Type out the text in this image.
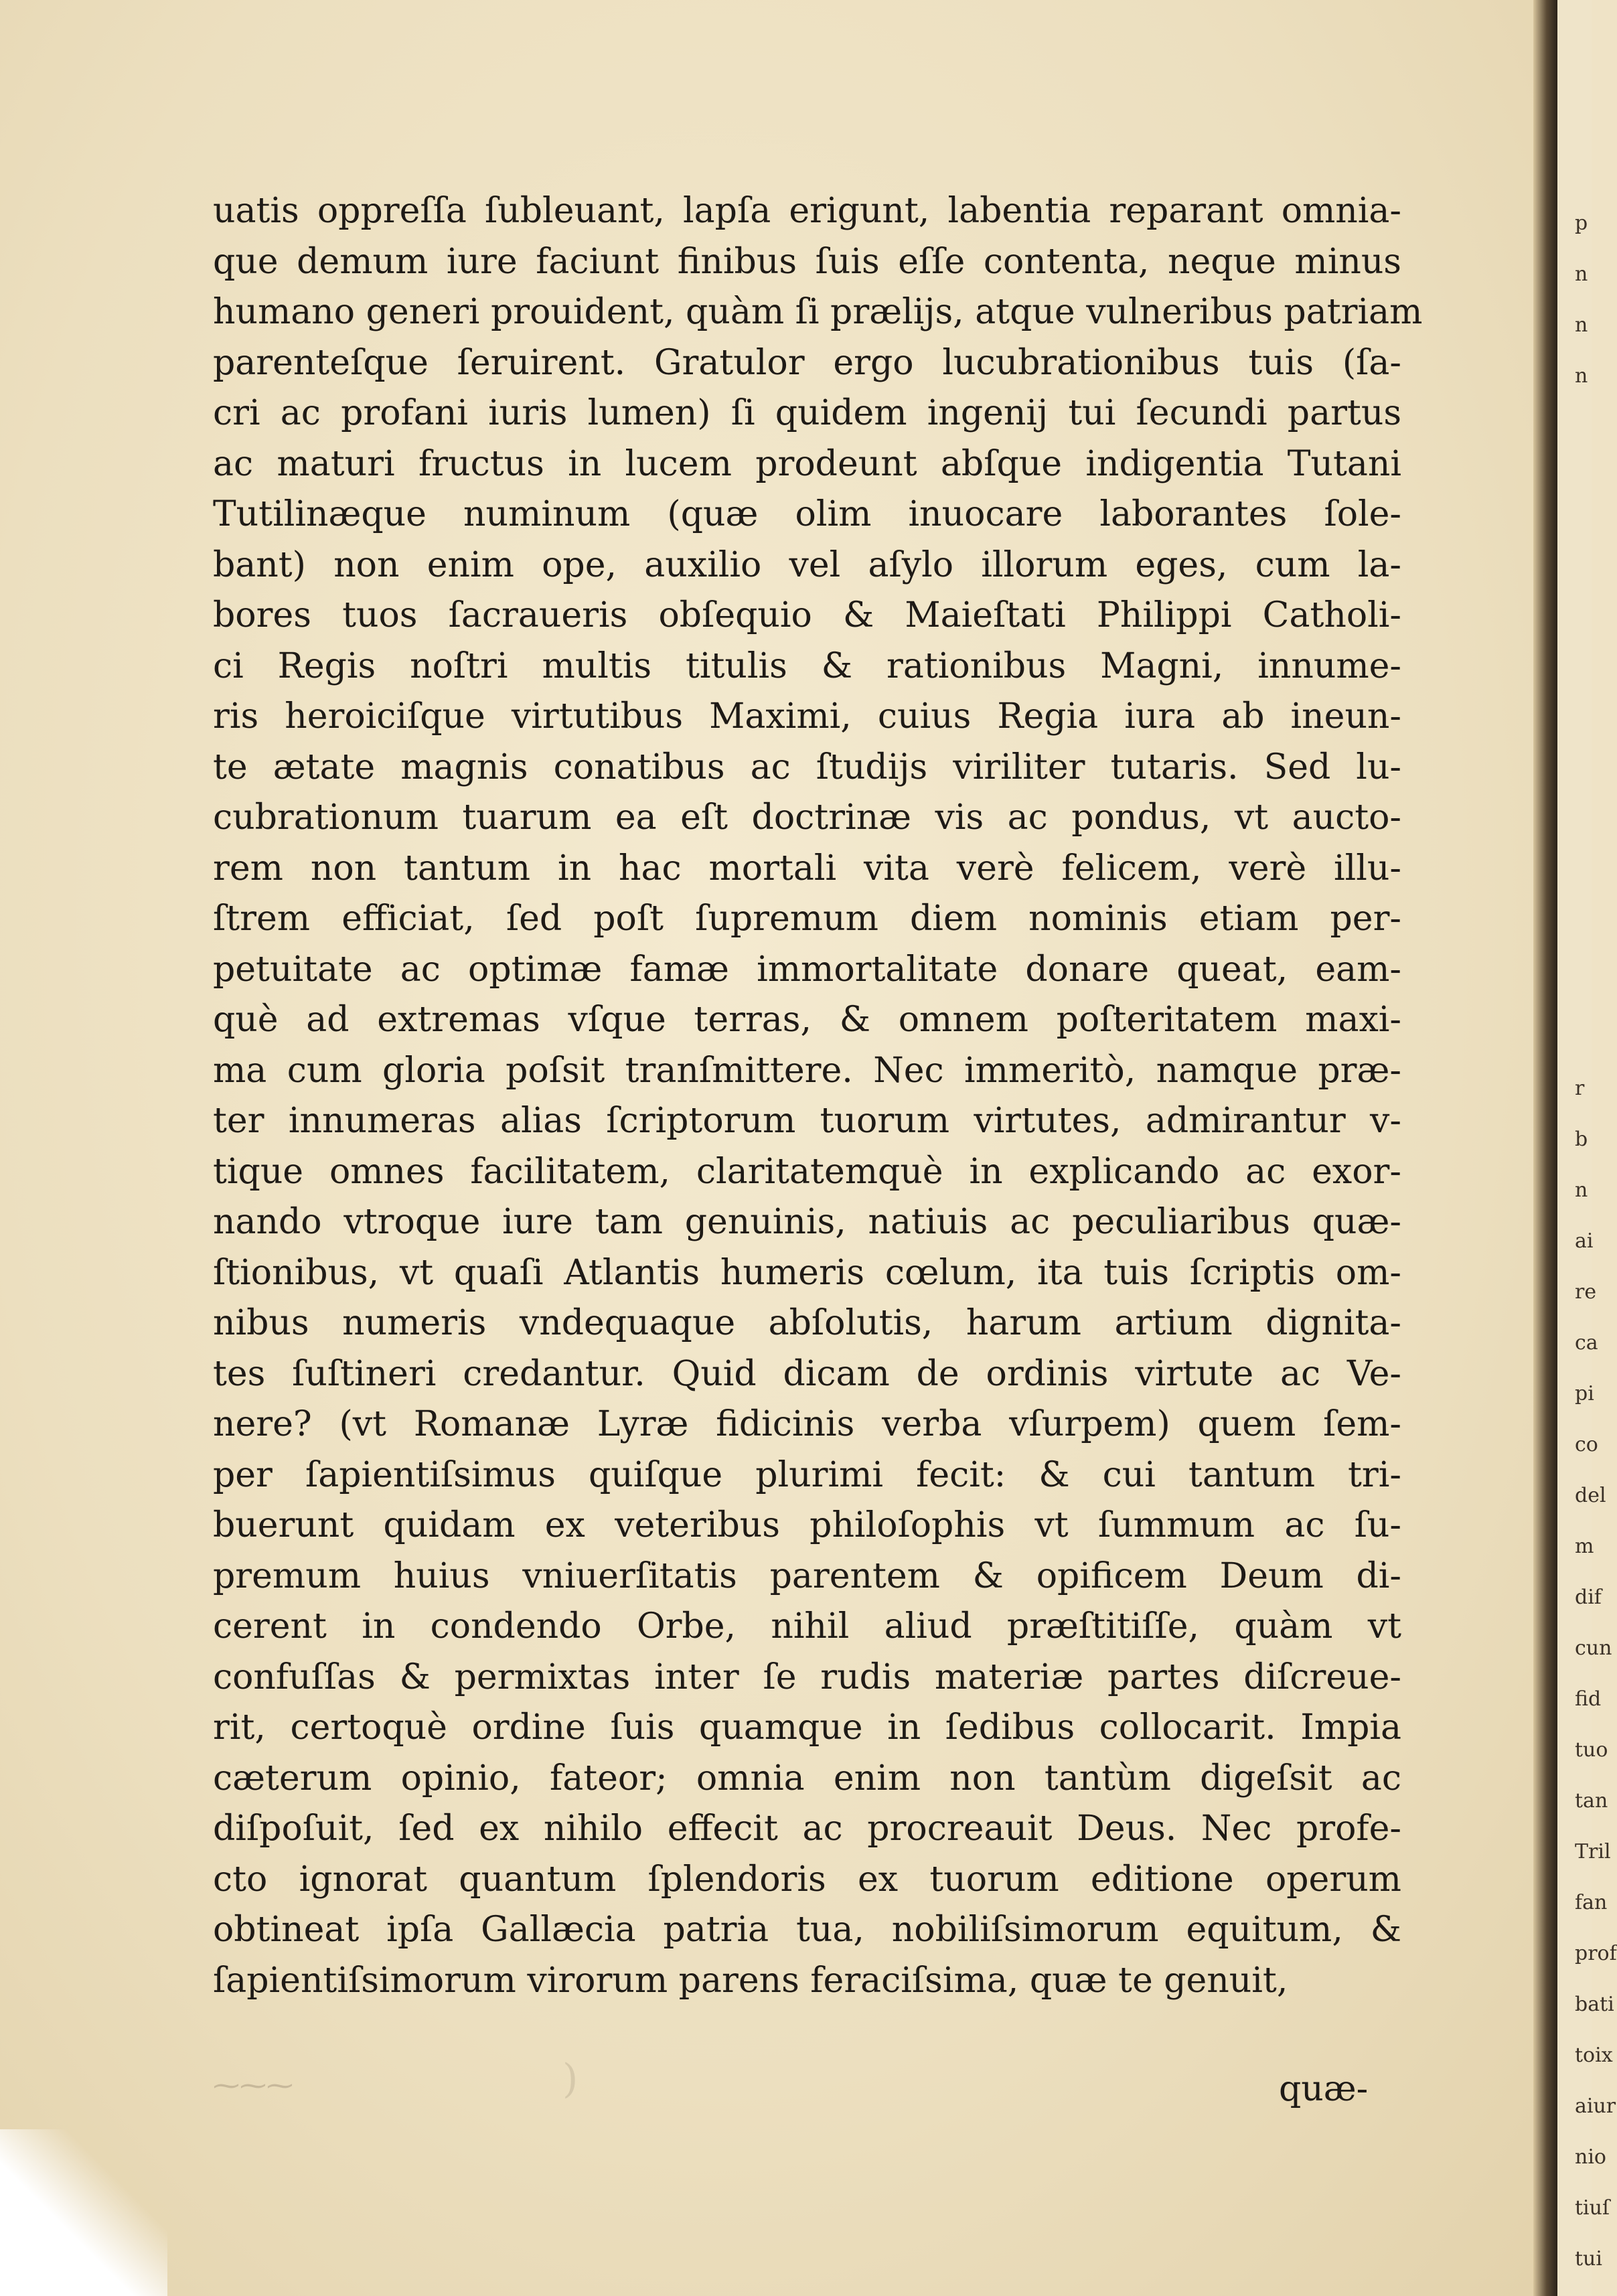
uatis oppreſſa ſubleuant, lapſa erigunt, labentia reparant omnia-
que demum iure faciunt finibus ſuis eſſe contenta, neque minus
humano generi prouident, quàm ſi prælijs, atque vulneribus patriam
parenteſque ſeruirent. Gratulor ergo lucubrationibus tuis (ſa-
cri ac profani iuris lumen) ſi quidem ingenij tui ſecundi partus
ac maturi fructus in lucem prodeunt abſque indigentia Tutani
Tutilinæque numinum (quæ olim inuocare laborantes ſole-
bant) non enim ope, auxilio vel aſylo illorum eges, cum la-
bores tuos ſacraueris obſequio & Maieſtati Philippi Catholi-
ci Regis noſtri multis titulis & rationibus Magni, innume-
ris heroiciſque virtutibus Maximi, cuius Regia iura ab ineun-
te ætate magnis conatibus ac ſtudijs viriliter tutaris. Sed lu-
cubrationum tuarum ea eſt doctrinæ vis ac pondus, vt aucto-
rem non tantum in hac mortali vita verè felicem, verè illu-
ſtrem efficiat, ſed poſt ſupremum diem nominis etiam per-
petuitate ac optimæ famæ immortalitate donare queat, eam-
què ad extremas vſque terras, & omnem poſteritatem maxi-
ma cum gloria poſsit tranſmittere. Nec immeritò, namque præ-
ter innumeras alias ſcriptorum tuorum virtutes, admirantur v-
tique omnes facilitatem, claritatemquè in explicando ac exor-
nando vtroque iure tam genuinis, natiuis ac peculiaribus quæ-
ſtionibus, vt quaſi Atlantis humeris cœlum, ita tuis ſcriptis om-
nibus numeris vndequaque abſolutis, harum artium dignita-
tes ſuſtineri credantur. Quid dicam de ordinis virtute ac Ve-
nere? (vt Romanæ Lyræ fidicinis verba vſurpem) quem ſem-
per ſapientiſsimus quiſque plurimi fecit: & cui tantum tri-
buerunt quidam ex veteribus philoſophis vt ſummum ac ſu-
premum huius vniuerſitatis parentem & opificem Deum di-
cerent in condendo Orbe, nihil aliud præſtitiſſe, quàm vt
confuſſas & permixtas inter ſe rudis materiæ partes diſcreue-
rit, certoquè ordine ſuis quamque in ſedibus collocarit. Impia
cæterum opinio, fateor; omnia enim non tantùm digeſsit ac
diſpoſuit, ſed ex nihilo effecit ac procreauit Deus. Nec profe-
cto ignorat quantum ſplendoris ex tuorum editione operum
obtineat ipſa Gallæcia patria tua, nobiliſsimorum equitum, &
ſapientiſsimorum virorum parens feraciſsima, quæ te genuit,
quæ-
⁓⁓⁓	)
p
n
n
n
r
b
n
ai
re
ca
pi
co
del
m
dif
cun
fid
tuo
tan
Tril
fan
prof
bati
toix
aiur
nio
tiuſ
tui
